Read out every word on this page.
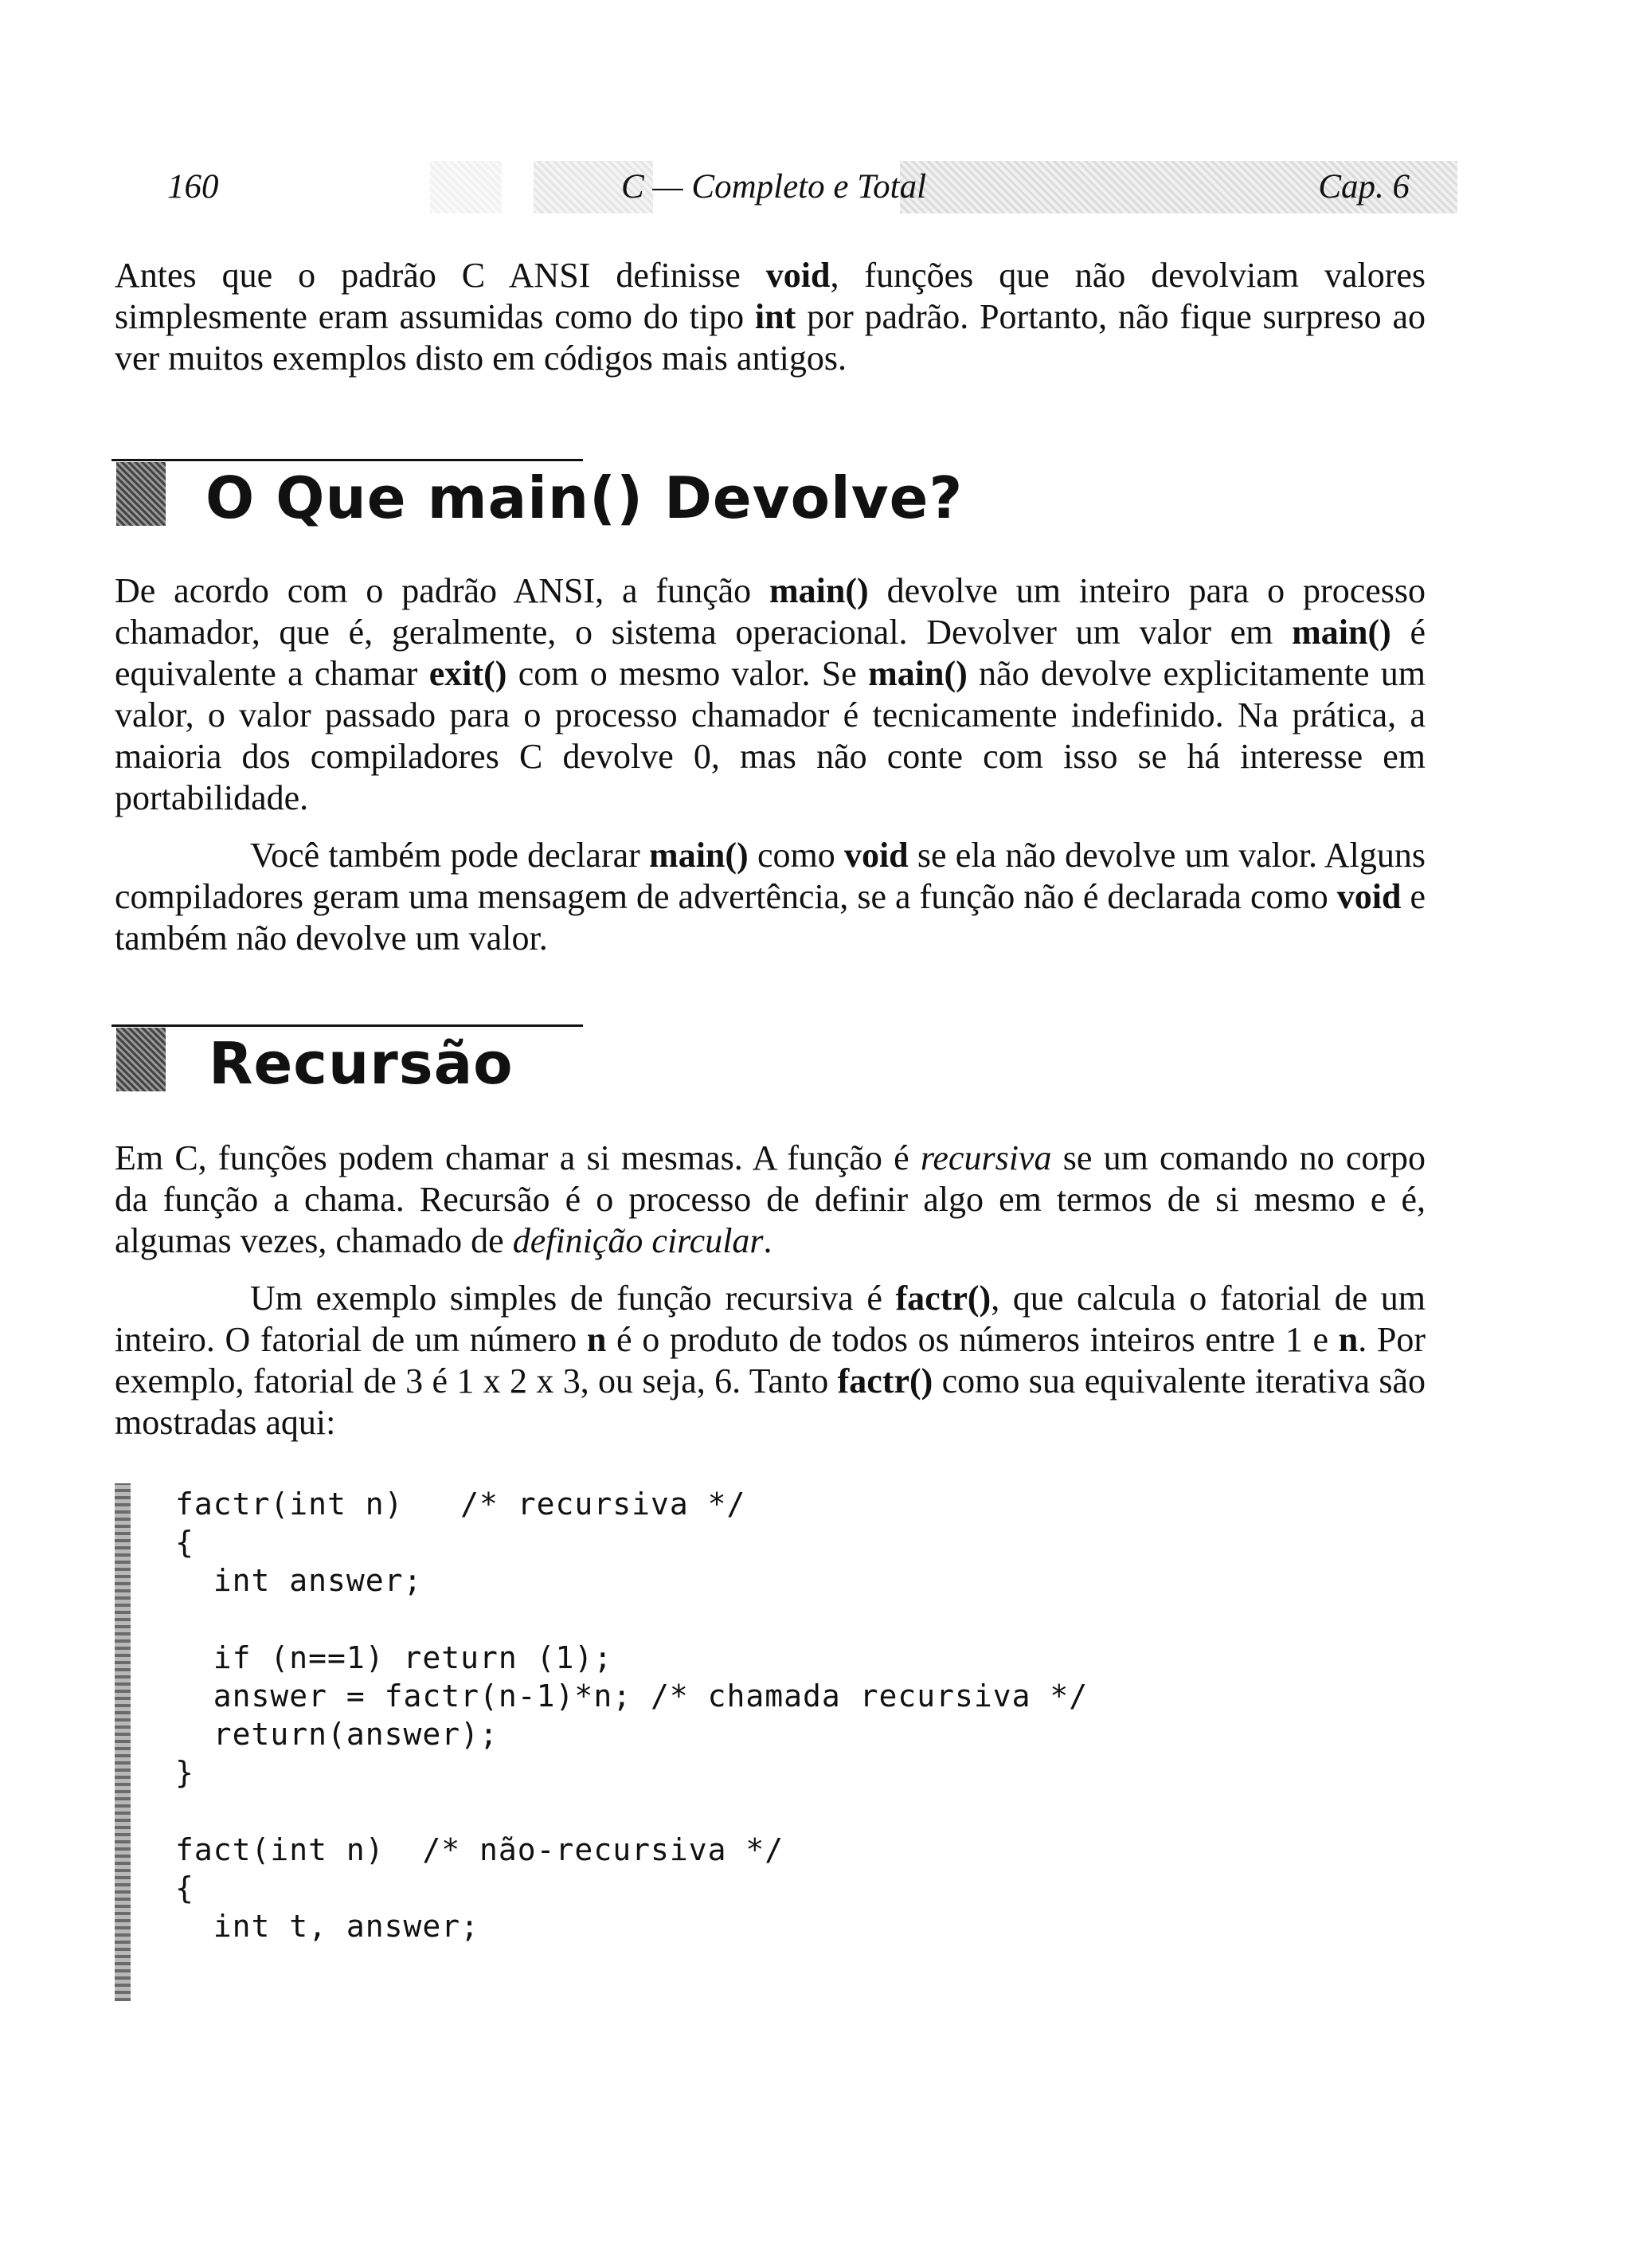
160	C — Completo e Total	Cap. 6

Antes que o padrão C ANSI definisse void, funções que não devolviam valores simplesmente eram assumidas como do tipo int por padrão. Portanto, não fique surpreso ao ver muitos exemplos disto em códigos mais antigos.

O Que main() Devolve?

De acordo com o padrão ANSI, a função main() devolve um inteiro para o processo chamador, que é, geralmente, o sistema operacional. Devolver um valor em main() é equivalente a chamar exit() com o mesmo valor. Se main() não devolve explicitamente um valor, o valor passado para o processo chamador é tecnicamente indefinido. Na prática, a maioria dos compiladores C devolve 0, mas não conte com isso se há interesse em portabilidade.

Você também pode declarar main() como void se ela não devolve um valor. Alguns compiladores geram uma mensagem de advertência, se a função não é declarada como void e também não devolve um valor.

Recursão

Em C, funções podem chamar a si mesmas. A função é recursiva se um comando no corpo da função a chama. Recursão é o processo de definir algo em termos de si mesmo e é, algumas vezes, chamado de definição circular.

Um exemplo simples de função recursiva é factr(), que calcula o fatorial de um inteiro. O fatorial de um número n é o produto de todos os números inteiros entre 1 e n. Por exemplo, fatorial de 3 é 1 x 2 x 3, ou seja, 6. Tanto factr() como sua equivalente iterativa são mostradas aqui:

factr(int n)   /* recursiva */
{
int answer;

if (n==1) return (1);
answer = factr(n-1)*n; /* chamada recursiva */
return(answer);
}

fact(int n)  /* não-recursiva */
{
int t, answer;
